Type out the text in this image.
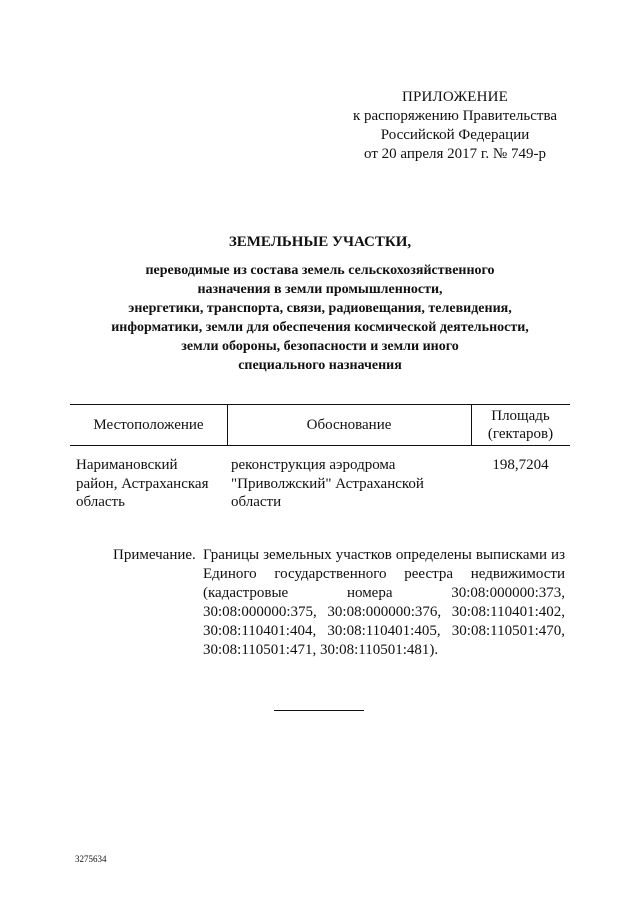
ПРИЛОЖЕНИЕ
к распоряжению Правительства
Российской Федерации
от 20 апреля 2017 г. № 749-р
ЗЕМЕЛЬНЫЕ УЧАСТКИ,
переводимые из состава земель сельскохозяйственного
назначения в земли промышленности,
энергетики, транспорта, связи, радиовещания, телевидения,
информатики, земли для обеспечения космической деятельности,
земли обороны, безопасности и земли иного
специального назначения
Местоположение	Обоснование
Площадь
(гектаров)
Наримановский
район, Астраханская
область
реконструкция аэродрома
"Приволжский" Астраханской
области
198,7204
Примечание. Границы земельных участков определены выписками из Единого государственного реестра недвижимости (кадастровые номера 30:08:000000:373, 30:08:000000:375, 30:08:000000:376, 30:08:110401:402, 30:08:110401:404, 30:08:110401:405, 30:08:110501:470, 30:08:110501:471, 30:08:110501:481).
3275634
